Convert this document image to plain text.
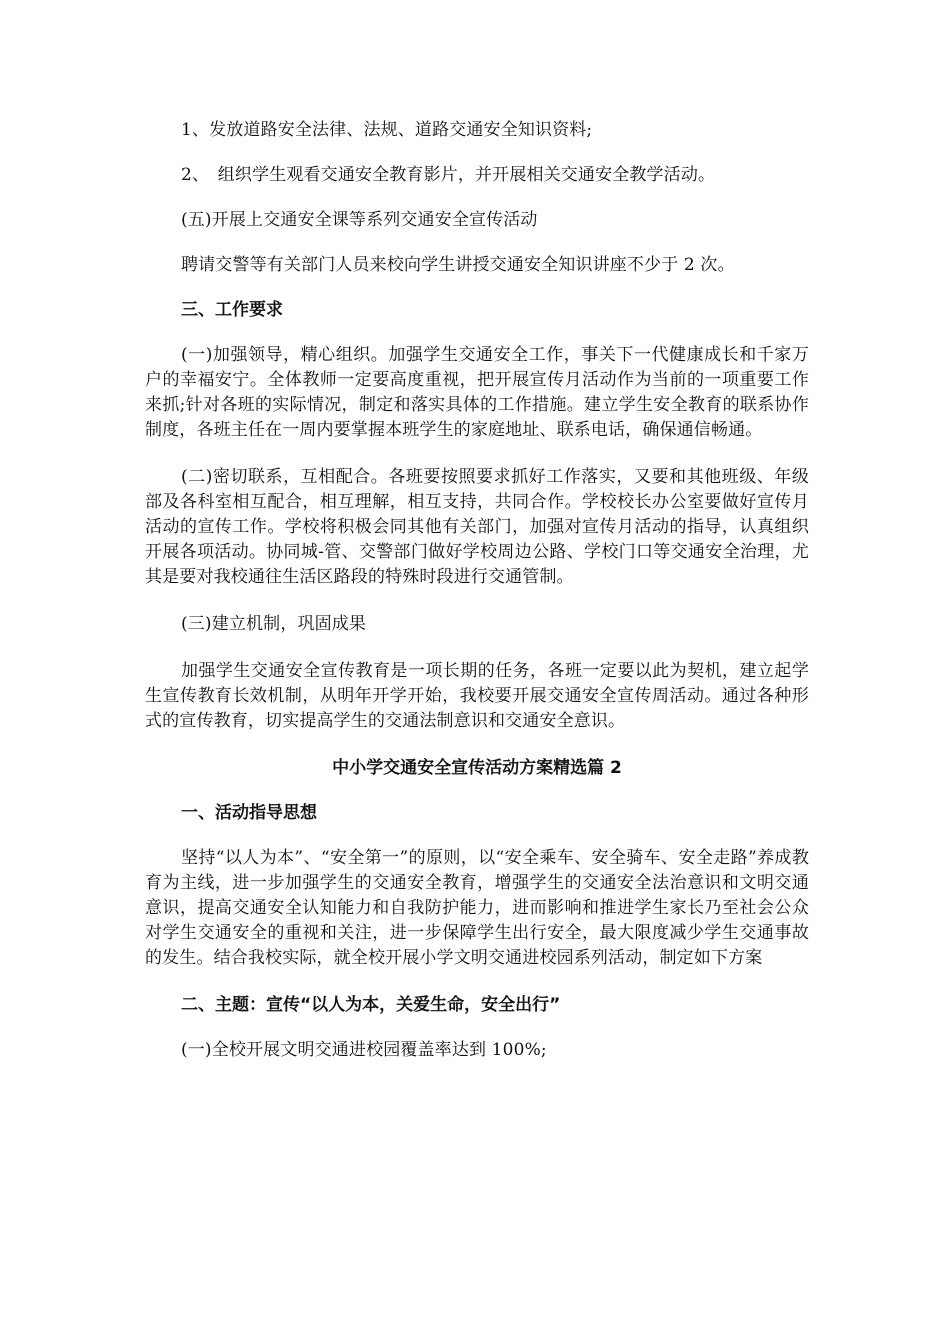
1、发放道路安全法律、法规、道路交通安全知识资料;

2、　组织学生观看交通安全教育影片，并开展相关交通安全教学活动。

(五)开展上交通安全课等系列交通安全宣传活动

聘请交警等有关部门人员来校向学生讲授交通安全知识讲座不少于 2 次。

三、工作要求

(一)加强领导，精心组织。加强学生交通安全工作，事关下一代健康成长和千家万户的幸福安宁。全体教师一定要高度重视，把开展宣传月活动作为当前的一项重要工作来抓;针对各班的实际情况，制定和落实具体的工作措施。建立学生安全教育的联系协作制度，各班主任在一周内要掌握本班学生的家庭地址、联系电话，确保通信畅通。

(二)密切联系，互相配合。各班要按照要求抓好工作落实，又要和其他班级、年级部及各科室相互配合，相互理解，相互支持，共同合作。学校校长办公室要做好宣传月活动的宣传工作。学校将积极会同其他有关部门，加强对宣传月活动的指导，认真组织开展各项活动。协同城-管、交警部门做好学校周边公路、学校门口等交通安全治理，尤其是要对我校通往生活区路段的特殊时段进行交通管制。

(三)建立机制，巩固成果

加强学生交通安全宣传教育是一项长期的任务，各班一定要以此为契机，建立起学生宣传教育长效机制，从明年开学开始，我校要开展交通安全宣传周活动。通过各种形式的宣传教育，切实提高学生的交通法制意识和交通安全意识。

中小学交通安全宣传活动方案精选篇 2

一、活动指导思想

坚持“以人为本”、“安全第一”的原则，以“安全乘车、安全骑车、安全走路”养成教育为主线，进一步加强学生的交通安全教育，增强学生的交通安全法治意识和文明交通意识，提高交通安全认知能力和自我防护能力，进而影响和推进学生家长乃至社会公众对学生交通安全的重视和关注，进一步保障学生出行安全，最大限度减少学生交通事故的发生。结合我校实际，就全校开展小学文明交通进校园系列活动，制定如下方案

二、主题：宣传“以人为本，关爱生命，安全出行”

(一)全校开展文明交通进校园覆盖率达到 100%;
